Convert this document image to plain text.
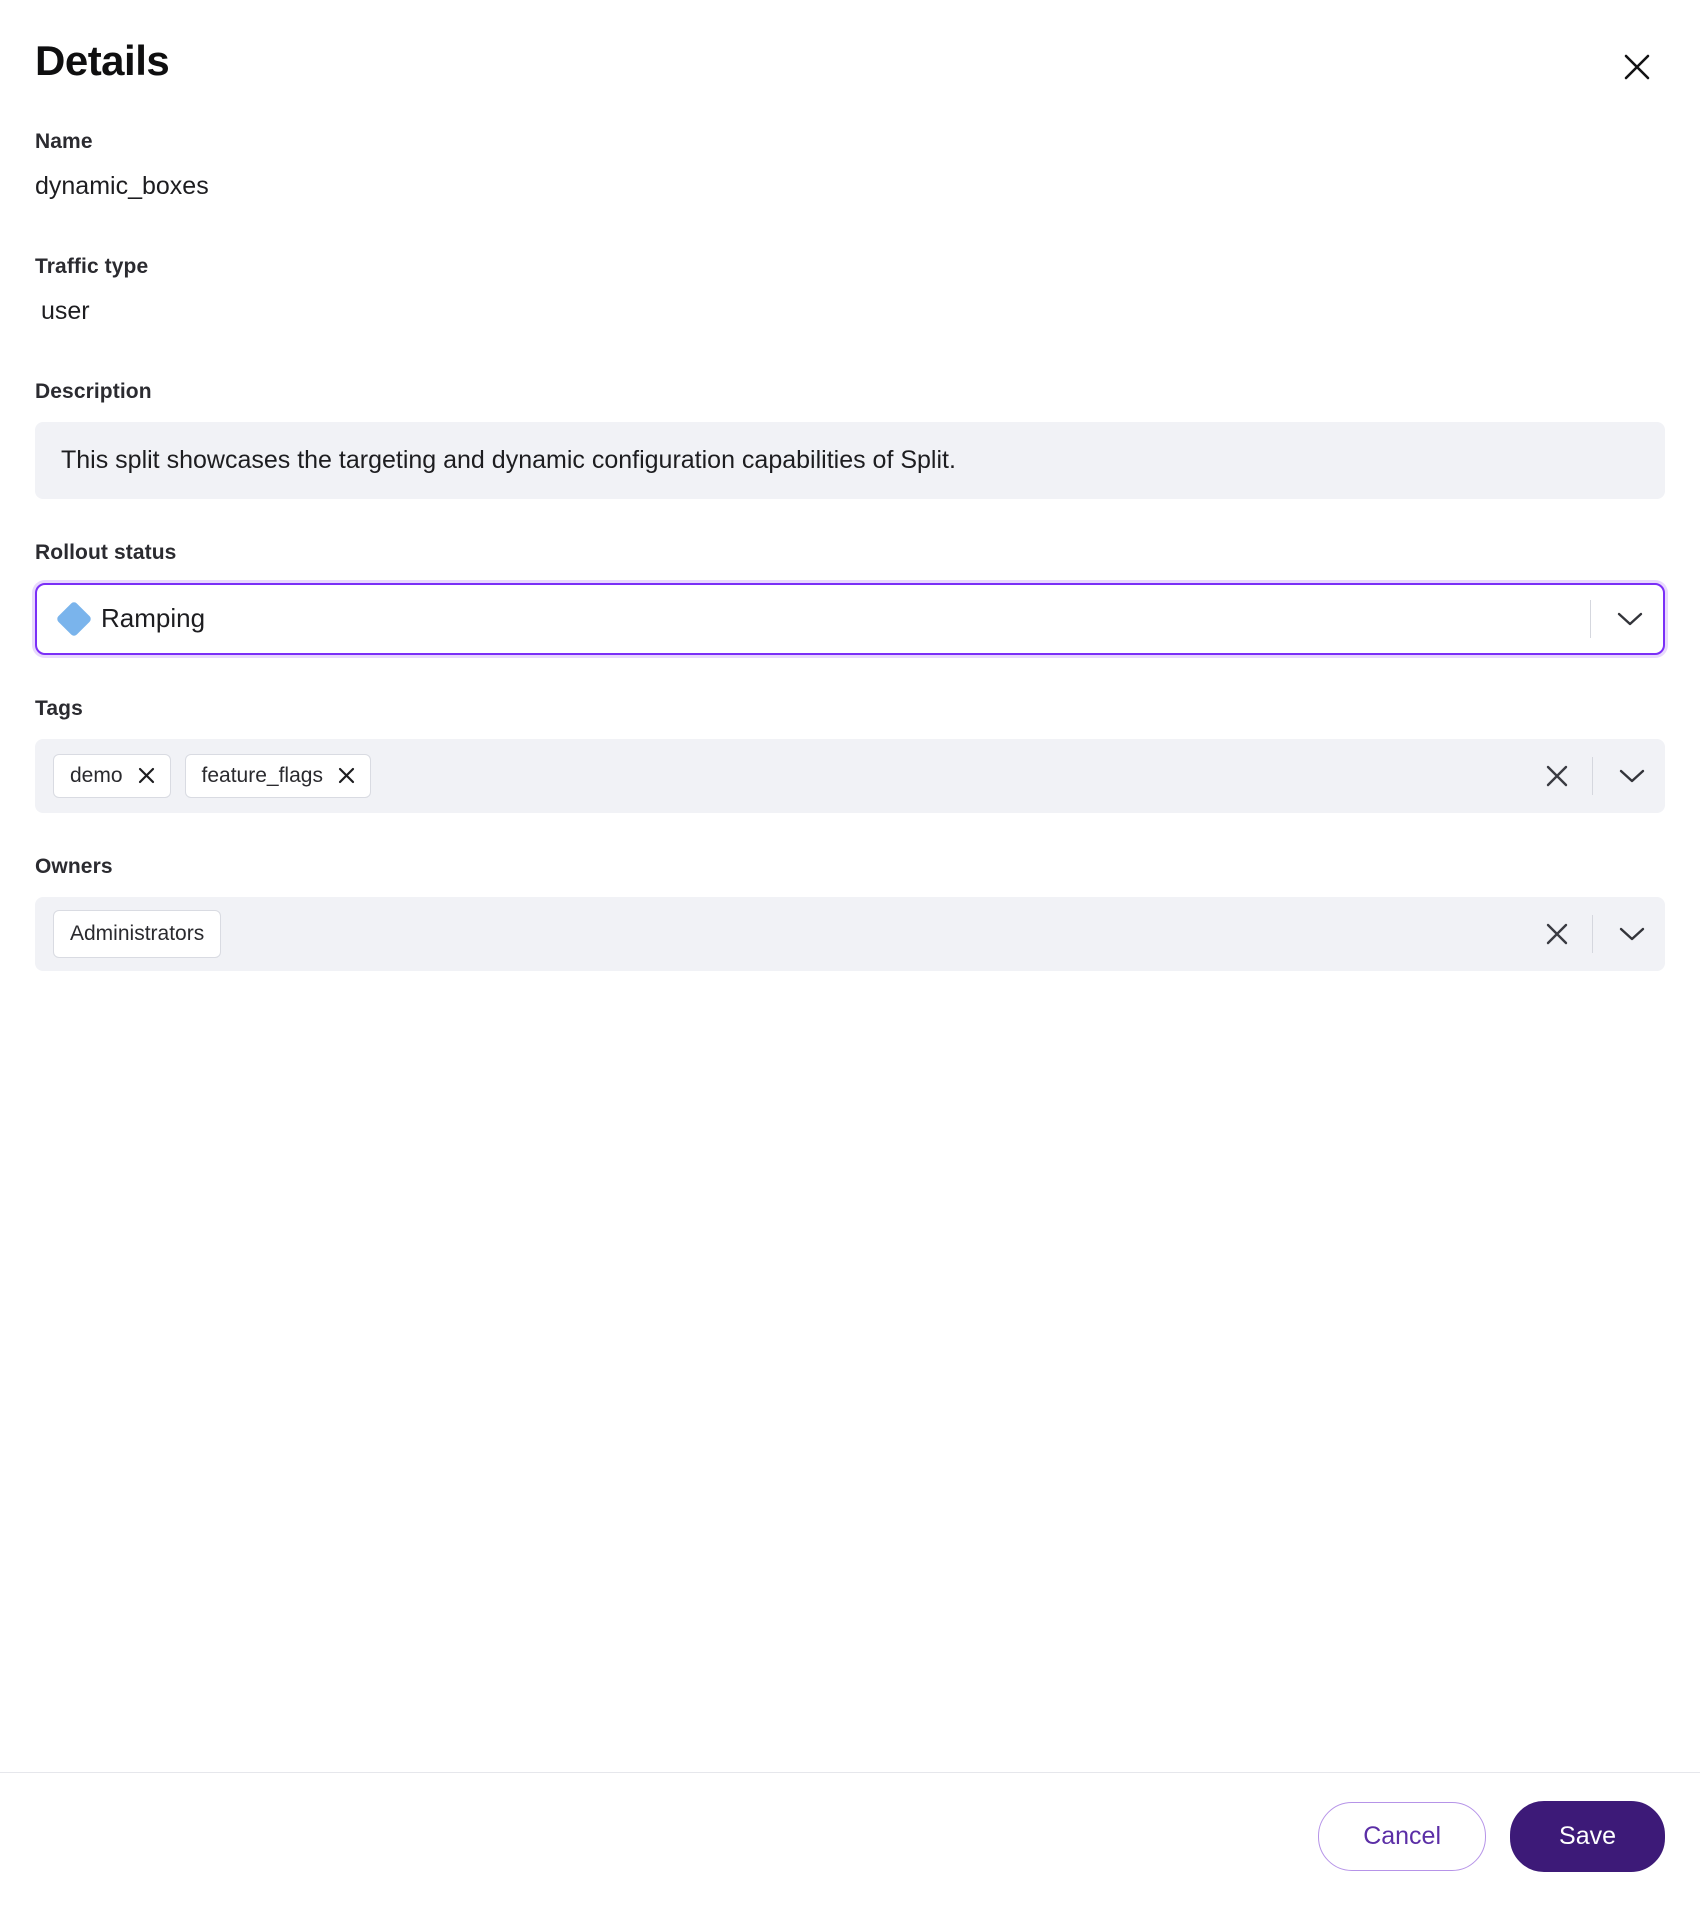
Details
Name
dynamic_boxes
Traffic type
user
Description
This split showcases the targeting and dynamic configuration capabilities of Split.
Rollout status
Ramping
Tags
demo	feature_flags
Owners
Administrators
Cancel	Save
